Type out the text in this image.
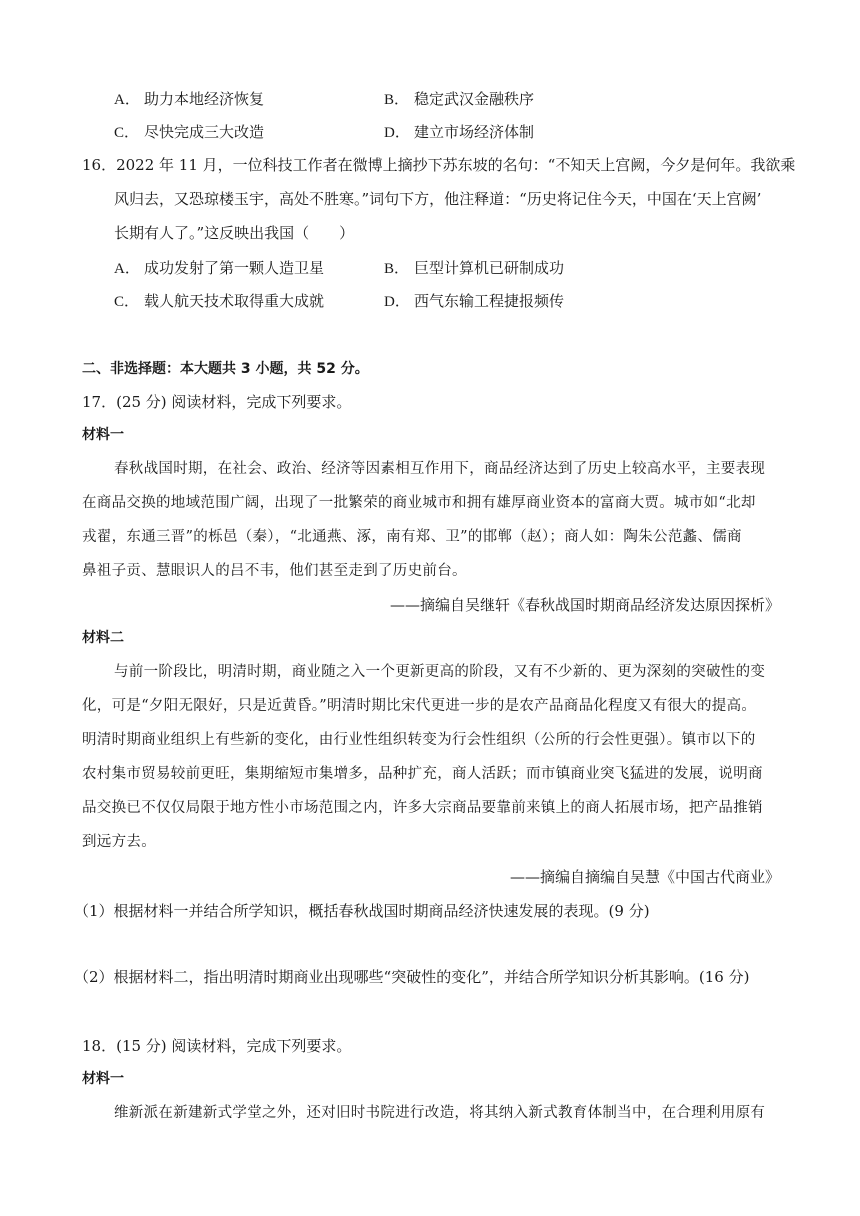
A． 助力本地经济恢复	B． 稳定武汉金融秩序
C． 尽快完成三大改造	D． 建立市场经济体制
16．2022 年 11 月，一位科技工作者在微博上摘抄下苏东坡的名句：“不知天上宫阙，今夕是何年。我欲乘
风归去，又恐琼楼玉宇，高处不胜寒。”词句下方，他注释道：“历史将记住今天，中国在‘天上宫阙’
长期有人了。”这反映出我国（　　）
A． 成功发射了第一颗人造卫星	B． 巨型计算机已研制成功
C． 载人航天技术取得重大成就	D． 西气东输工程捷报频传
二、非选择题：本大题共 3 小题，共 52 分。
17．(25 分) 阅读材料，完成下列要求。
材料一
春秋战国时期，在社会、政治、经济等因素相互作用下，商品经济达到了历史上较高水平，主要表现
在商品交换的地域范围广阔，出现了一批繁荣的商业城市和拥有雄厚商业资本的富商大贾。城市如“北却
戎翟，东通三晋”的栎邑（秦），“北通燕、涿，南有郑、卫”的邯郸（赵）；商人如：陶朱公范蠡、儒商
鼻祖子贡、慧眼识人的吕不韦，他们甚至走到了历史前台。
——摘编自吴继轩《春秋战国时期商品经济发达原因探析》
材料二
与前一阶段比，明清时期，商业随之入一个更新更高的阶段，又有不少新的、更为深刻的突破性的变
化，可是“夕阳无限好，只是近黄昏。”明清时期比宋代更进一步的是农产品商品化程度又有很大的提高。
明清时期商业组织上有些新的变化，由行业性组织转变为行会性组织（公所的行会性更强）。镇市以下的
农村集市贸易较前更旺，集期缩短市集增多，品种扩充，商人活跃；而市镇商业突飞猛进的发展，说明商
品交换已不仅仅局限于地方性小市场范围之内，许多大宗商品要靠前来镇上的商人拓展市场，把产品推销
到远方去。
——摘编自摘编自吴慧《中国古代商业》
（1）根据材料一并结合所学知识，概括春秋战国时期商品经济快速发展的表现。(9 分)
（2）根据材料二，指出明清时期商业出现哪些“突破性的变化”，并结合所学知识分析其影响。(16 分)
18．(15 分) 阅读材料，完成下列要求。
材料一
维新派在新建新式学堂之外，还对旧时书院进行改造，将其纳入新式教育体制当中，在合理利用原有
